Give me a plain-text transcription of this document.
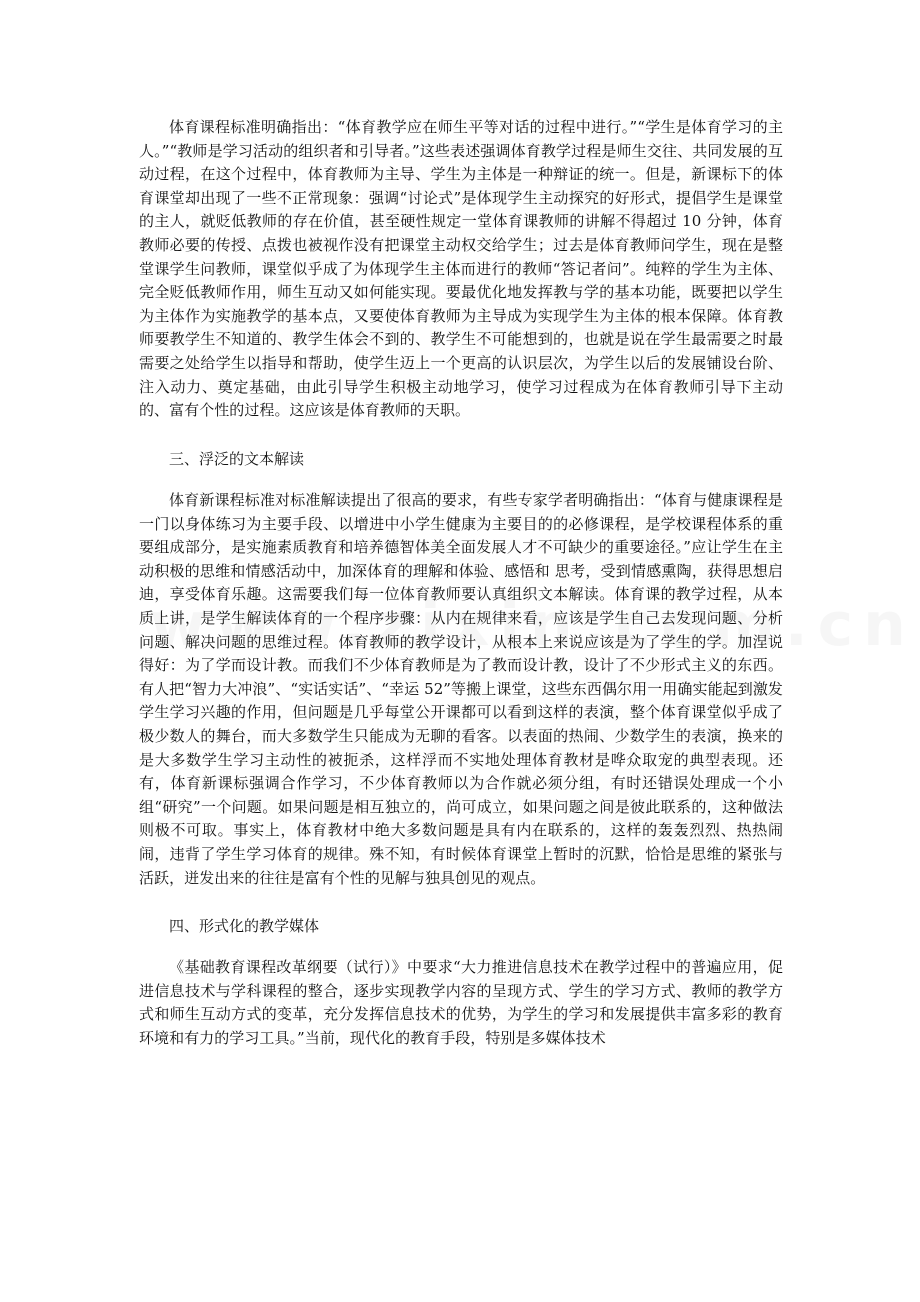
体育课程标准明确指出：“体育教学应在师生平等对话的过程中进行。”“学生是体育学习的主人。”“教师是学习活动的组织者和引导者。”这些表述强调体育教学过程是师生交往、共同发展的互动过程，在这个过程中，体育教师为主导、学生为主体是一种辩证的统一。但是，新课标下的体育课堂却出现了一些不正常现象：强调“讨论式”是体现学生主动探究的好形式，提倡学生是课堂的主人，就贬低教师的存在价值，甚至硬性规定一堂体育课教师的讲解不得超过 10 分钟，体育教师必要的传授、点拨也被视作没有把课堂主动权交给学生；过去是体育教师问学生，现在是整堂课学生问教师，课堂似乎成了为体现学生主体而进行的教师“答记者问”。纯粹的学生为主体、完全贬低教师作用，师生互动又如何能实现。要最优化地发挥教与学的基本功能，既要把以学生为主体作为实施教学的基本点，又要使体育教师为主导成为实现学生为主体的根本保障。体育教师要教学生不知道的、教学生体会不到的、教学生不可能想到的，也就是说在学生最需要之时最需要之处给学生以指导和帮助，使学生迈上一个更高的认识层次，为学生以后的发展铺设台阶、注入动力、奠定基础，由此引导学生积极主动地学习，使学习过程成为在体育教师引导下主动的、富有个性的过程。这应该是体育教师的天职。

三、浮泛的文本解读

体育新课程标准对标准解读提出了很高的要求，有些专家学者明确指出：“体育与健康课程是一门以身体练习为主要手段、以增进中小学生健康为主要目的的必修课程，是学校课程体系的重要组成部分，是实施素质教育和培养德智体美全面发展人才不可缺少的重要途径。”应让学生在主动积极的思维和情感活动中，加深体育的理解和体验、感悟和 思考，受到情感熏陶，获得思想启迪，享受体育乐趣。这需要我们每一位体育教师要认真组织文本解读。体育课的教学过程，从本质上讲，是学生解读体育的一个程序步骤：从内在规律来看，应该是学生自己去发现问题、分析问题、解决问题的思维过程。体育教师的教学设计，从根本上来说应该是为了学生的学。加涅说得好：为了学而设计教。而我们不少体育教师是为了教而设计教，设计了不少形式主义的东西。有人把“智力大冲浪”、“实话实话”、“幸运 52”等搬上课堂，这些东西偶尔用一用确实能起到激发学生学习兴趣的作用，但问题是几乎每堂公开课都可以看到这样的表演，整个体育课堂似乎成了极少数人的舞台，而大多数学生只能成为无聊的看客。以表面的热闹、少数学生的表演，换来的是大多数学生学习主动性的被扼杀，这样浮而不实地处理体育教材是哗众取宠的典型表现。还有，体育新课标强调合作学习，不少体育教师以为合作就必须分组，有时还错误处理成一个小组“研究”一个问题。如果问题是相互独立的，尚可成立，如果问题之间是彼此联系的，这种做法则极不可取。事实上，体育教材中绝大多数问题是具有内在联系的，这样的轰轰烈烈、热热闹闹，违背了学生学习体育的规律。殊不知，有时候体育课堂上暂时的沉默，恰恰是思维的紧张与活跃，迸发出来的往往是富有个性的见解与独具创见的观点。

四、形式化的教学媒体

《基础教育课程改革纲要（试行）》中要求“大力推进信息技术在教学过程中的普遍应用，促进信息技术与学科课程的整合，逐步实现教学内容的呈现方式、学生的学习方式、教师的教学方式和师生互动方式的变革，充分发挥信息技术的优势，为学生的学习和发展提供丰富多彩的教育环境和有力的学习工具。”当前，现代化的教育手段，特别是多媒体技术
